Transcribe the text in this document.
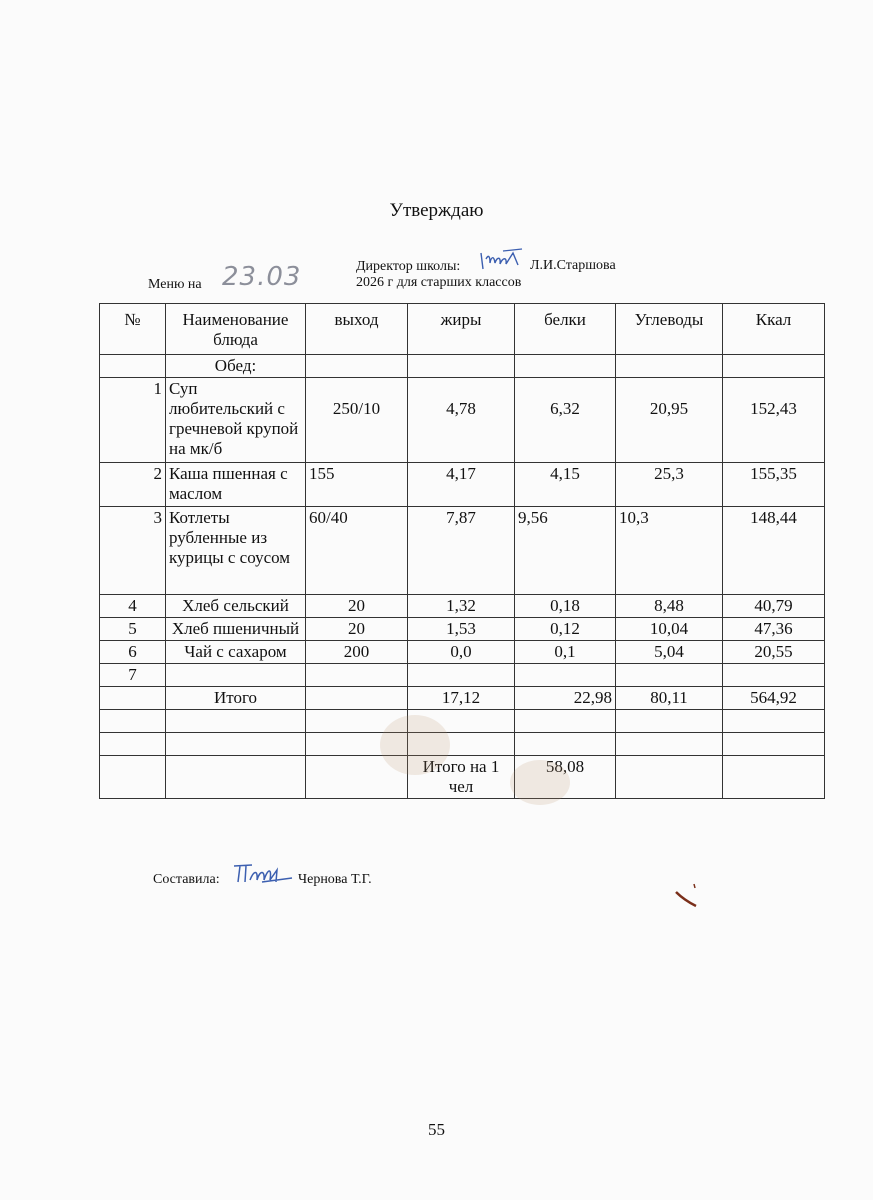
Утверждаю
Меню на 23.03	Директор школы:	Л.И.Старшова
2026 г для старших классов
№	Наименование блюда	выход	жиры	белки	Углеводы	Ккал
	Обед:					
1	Суп любительский с гречневой крупой на мк/б	250/10	4,78	6,32	20,95	152,43
2	Каша пшенная с маслом	155	4,17	4,15	25,3	155,35
3	Котлеты рубленные из курицы с соусом	60/40	7,87	9,56	10,3	148,44
4	Хлеб сельский	20	1,32	0,18	8,48	40,79
5	Хлеб пшеничный	20	1,53	0,12	10,04	47,36
6	Чай с сахаром	200	0,0	0,1	5,04	20,55
7						
	Итого		17,12	22,98	80,11	564,92

			Итого на 1 чел	58,08		
Составила:	Чернова Т.Г.
55
